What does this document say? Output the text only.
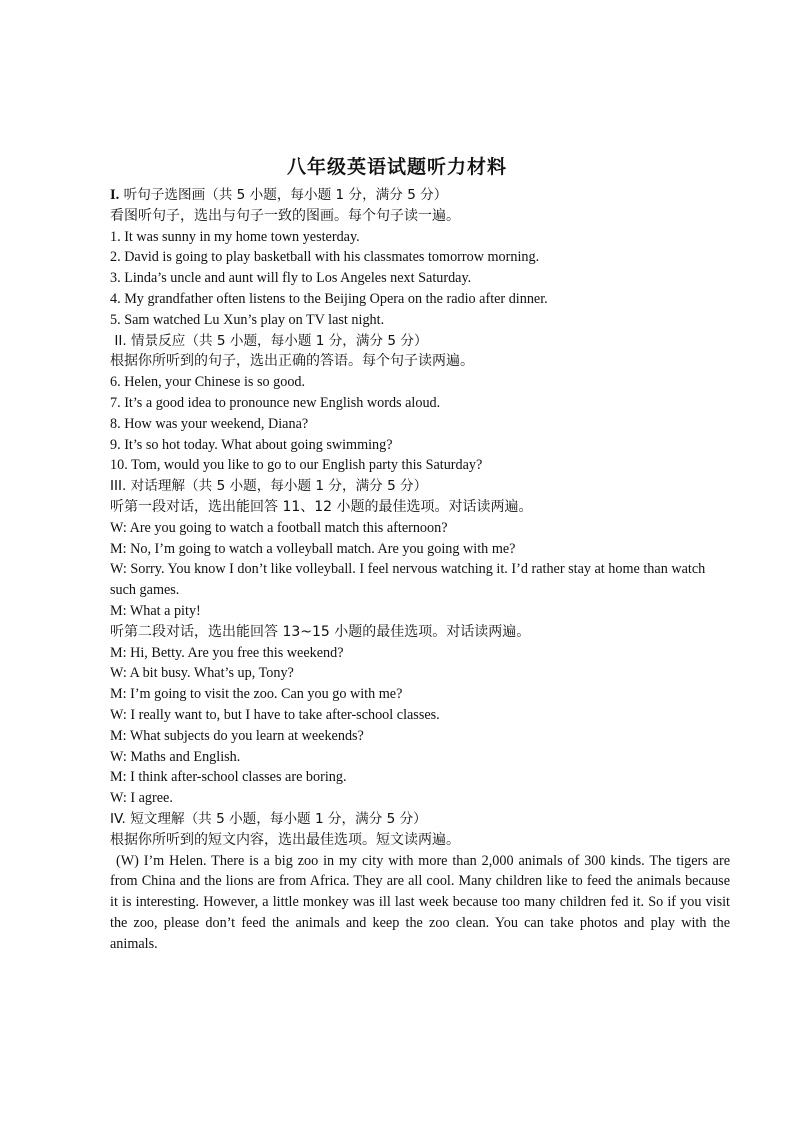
八年级英语试题听力材料
I. 听句子选图画（共 5 小题，每小题 1 分，满分 5 分）
看图听句子，选出与句子一致的图画。每个句子读一遍。
1. It was sunny in my home town yesterday.
2. David is going to play basketball with his classmates tomorrow morning.
3. Linda’s uncle and aunt will fly to Los Angeles next Saturday.
4. My grandfather often listens to the Beijing Opera on the radio after dinner.
5. Sam watched Lu Xun’s play on TV last night.
II. 情景反应（共 5 小题，每小题 1 分，满分 5 分）
根据你所听到的句子，选出正确的答语。每个句子读两遍。
6. Helen, your Chinese is so good.
7. It’s a good idea to pronounce new English words aloud.
8. How was your weekend, Diana?
9. It’s so hot today. What about going swimming?
10. Tom, would you like to go to our English party this Saturday?
III. 对话理解（共 5 小题，每小题 1 分，满分 5 分）
听第一段对话，选出能回答 11、12 小题的最佳选项。对话读两遍。
W: Are you going to watch a football match this afternoon?
M: No, I’m going to watch a volleyball match. Are you going with me?
W: Sorry. You know I don’t like volleyball. I feel nervous watching it. I’d rather stay at home than watch such games.
M: What a pity!
听第二段对话，选出能回答 13~15 小题的最佳选项。对话读两遍。
M: Hi, Betty. Are you free this weekend?
W: A bit busy. What’s up, Tony?
M: I’m going to visit the zoo. Can you go with me?
W: I really want to, but I have to take after-school classes.
M: What subjects do you learn at weekends?
W: Maths and English.
M: I think after-school classes are boring.
W: I agree.
IV. 短文理解（共 5 小题，每小题 1 分，满分 5 分）
根据你所听到的短文内容，选出最佳选项。短文读两遍。
(W) I’m Helen. There is a big zoo in my city with more than 2,000 animals of 300 kinds. The tigers are from China and the lions are from Africa. They are all cool. Many children like to feed the animals because it is interesting. However, a little monkey was ill last week because too many children fed it. So if you visit the zoo, please don’t feed the animals and keep the zoo clean. You can take photos and play with the animals.
